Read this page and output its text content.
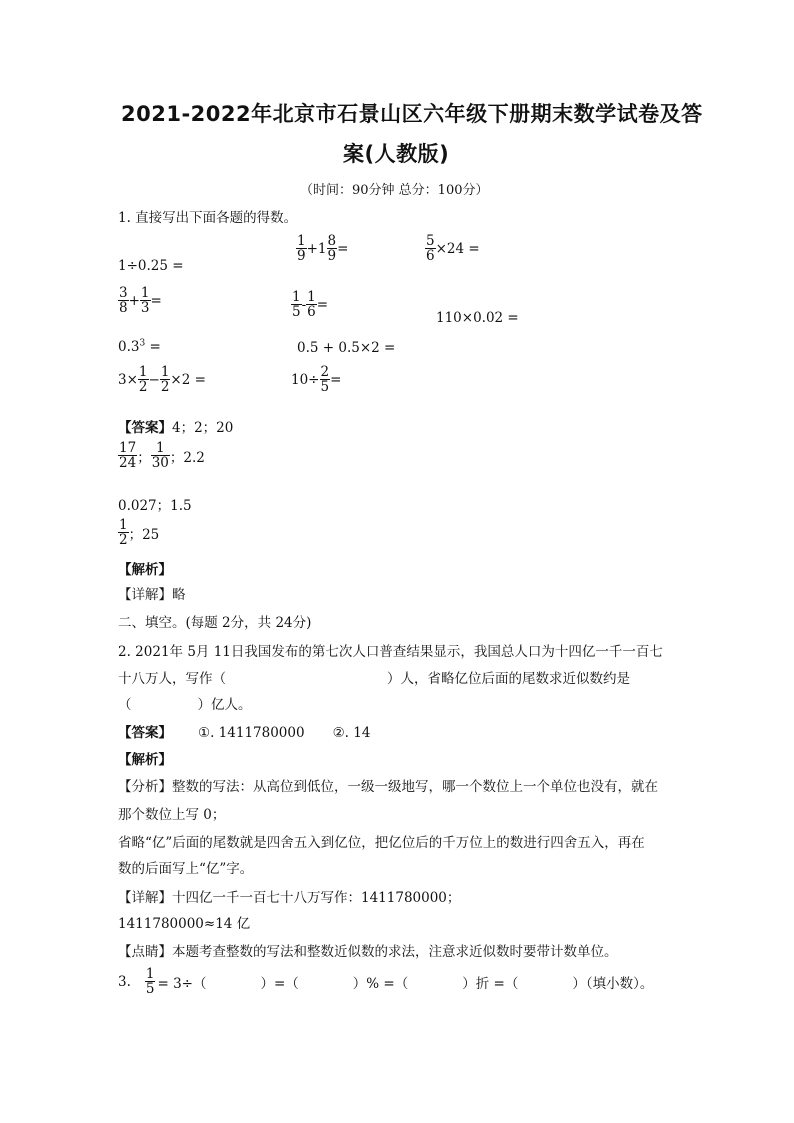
2021-2022年北京市石景山区六年级下册期末数学试卷及答
案(人教版)
（时间：90分钟 总分：100分）
1. 直接写出下面各题的得数。
1÷0.25 =
$\frac{1}{9} +1 \frac{8}{9}$ =	$\frac{5}{6} \times 24$ =
$\frac{3}{8} + \frac{1}{3}$ =	$\frac{1}{5} - \frac{1}{6}$ =
110×0.02 =
$0.3^3$ =	0.5 + 0.5×2 =
$3\times \frac{1}{2} - \frac{1}{2} \times 2$ =	$10\div \frac{2}{5}$ =
【答案】4；2；20
$\frac{17}{24}$ ； $\frac{1}{30}$ ；2.2
0.027；1.5
$\frac{1}{2}$ ；25
【解析】
【详解】略
二、填空。(每题 2分，共 24分)
2. 2021年 5月 11日我国发布的第七次人口普查结果显示，我国总人口为十四亿一千一百七
十八万人，写作（	）人，省略亿位后面的尾数求近似数约是
（	）亿人。
【答案】 ①. 1411780000 ②. 14
【解析】
【分析】整数的写法：从高位到低位，一级一级地写，哪一个数位上一个单位也没有，就在
那个数位上写 0；
省略“亿”后面的尾数就是四舍五入到亿位，把亿位后的千万位上的数进行四舍五入，再在
数的后面写上“亿”字。
【详解】十四亿一千一百七十八万写作：1411780000；
1411780000≈14 亿
【点睛】本题考查整数的写法和整数近似数的求法，注意求近似数时要带计数单位。
3. $\frac{1}{5} = 3\div$（　　　　）=（　　　　）% =（　　　　）折 =（　　　　）（填小数）。
